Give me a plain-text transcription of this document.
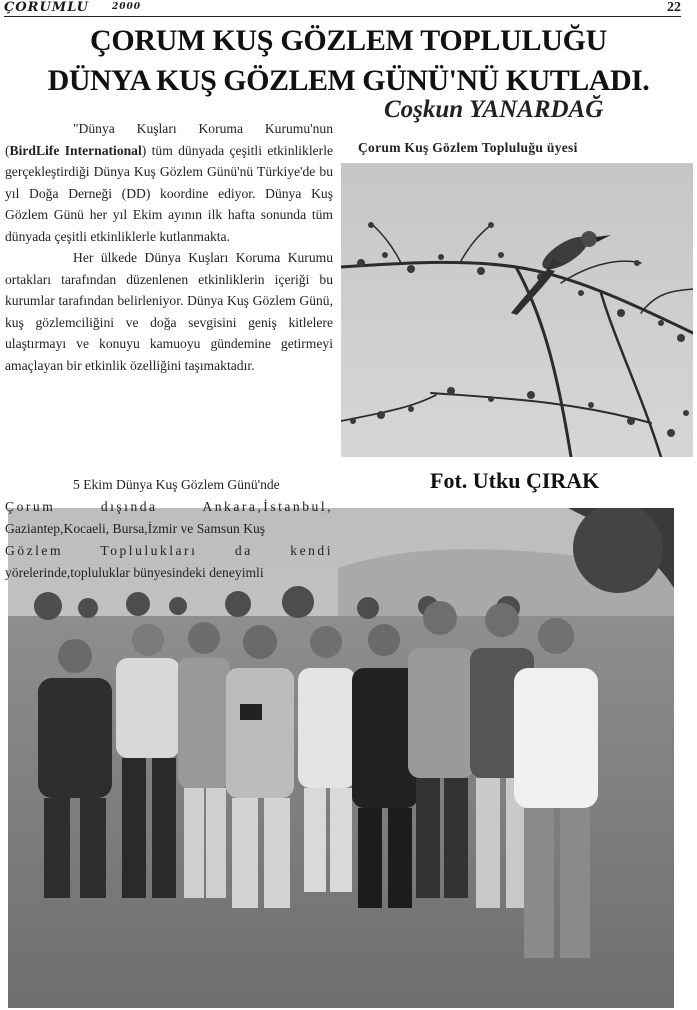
ÇORUMLU	2000	22
ÇORUM KUŞ GÖZLEM TOPLULUĞU
DÜNYA KUŞ GÖZLEM GÜNÜ'NÜ KUTLADI.
Coşkun YANARDAĞ
Çorum Kuş Gözlem Topluluğu üyesi

"Dünya Kuşları Koruma Kurumu'nun (BirdLife International) tüm dünyada çeşitli etkinliklerle gerçekleştirdiği Dünya Kuş Gözlem Günü'nü Türkiye'de bu yıl Doğa Derneği (DD) koordine ediyor. Dünya Kuş Gözlem Günü her yıl Ekim ayının ilk hafta sonunda tüm dünyada çeşitli etkinliklerle kutlanmakta.

Her ülkede Dünya Kuşları Koruma Kurumu ortakları tarafından düzenlenen etkinliklerin içeriği bu kurumlar tarafından belirleniyor. Dünya Kuş Gözlem Günü, kuş gözlemciliğini ve doğa sevgisini geniş kitlelere ulaştırmayı ve konuyu kamuoyu gündemine getirmeyi amaçlayan bir etkinlik özelliğini taşımaktadır.

Fot. Utku ÇIRAK
5 Ekim Dünya Kuş Gözlem Günü'nde
Çorum dışında Ankara,İstanbul,
Gaziantep,Kocaeli, Bursa,İzmir ve Samsun Kuş
Gözlem Toplulukları da kendi
yörelerinde,topluluklar bünyesindeki deneyimli
